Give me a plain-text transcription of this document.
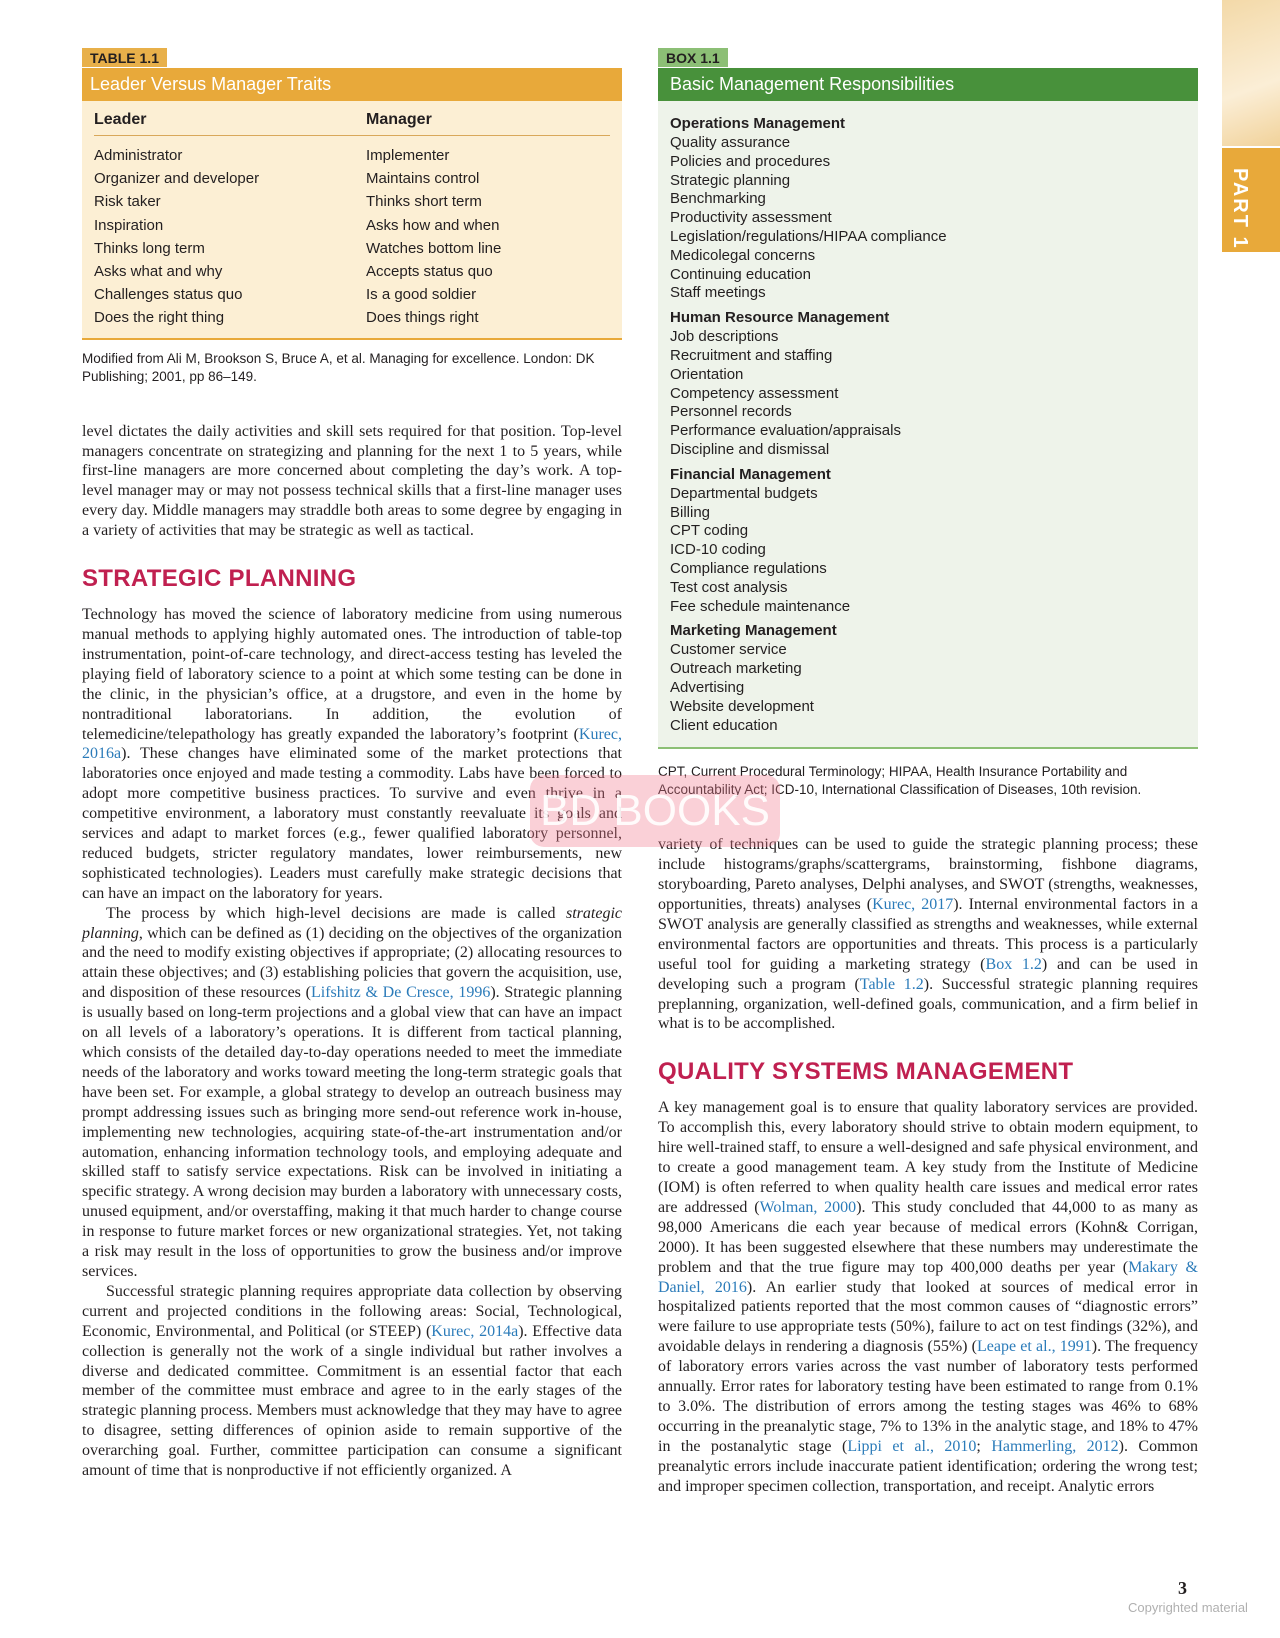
PART 1
TABLE 1.1
Leader Versus Manager Traits
Leader	Manager
Administrator	Implementer
Organizer and developer	Maintains control
Risk taker	Thinks short term
Inspiration	Asks how and when
Thinks long term	Watches bottom line
Asks what and why	Accepts status quo
Challenges status quo	Is a good soldier
Does the right thing	Does things right
Modified from Ali M, Brookson S, Bruce A, et al. Managing for excellence. London: DK Publishing; 2001, pp 86–149.

level dictates the daily activities and skill sets required for that position. Top-level managers concentrate on strategizing and planning for the next 1 to 5 years, while first-line managers are more concerned about completing the day’s work. A top-level manager may or may not possess technical skills that a first-line manager uses every day. Middle managers may straddle both areas to some degree by engaging in a variety of activities that may be strategic as well as tactical.

STRATEGIC PLANNING

Technology has moved the science of laboratory medicine from using numerous manual methods to applying highly automated ones. The introduction of table-top instrumentation, point-of-care technology, and direct-access testing has leveled the playing field of laboratory science to a point at which some testing can be done in the clinic, in the physician’s office, at a drugstore, and even in the home by nontraditional laboratorians. In addition, the evolution of telemedicine/telepathology has greatly expanded the laboratory’s footprint (Kurec, 2016a). These changes have eliminated some of the market protections that laboratories once enjoyed and made testing a commodity. Labs have been forced to adopt more competitive business practices. To survive and even thrive in a competitive environment, a laboratory must constantly reevaluate its goals and services and adapt to market forces (e.g., fewer qualified laboratory personnel, reduced budgets, stricter regulatory mandates, lower reimbursements, new sophisticated technologies). Leaders must carefully make strategic decisions that can have an impact on the laboratory for years.

The process by which high-level decisions are made is called strategic planning, which can be defined as (1) deciding on the objectives of the organization and the need to modify existing objectives if appropriate; (2) allocating resources to attain these objectives; and (3) establishing policies that govern the acquisition, use, and disposition of these resources (Lifshitz & De Cresce, 1996). Strategic planning is usually based on long-term projections and a global view that can have an impact on all levels of a laboratory’s operations. It is different from tactical planning, which consists of the detailed day-to-day operations needed to meet the immediate needs of the laboratory and works toward meeting the long-term strategic goals that have been set. For example, a global strategy to develop an outreach business may prompt addressing issues such as bringing more send-out reference work in-house, implementing new technologies, acquiring state-of-the-art instrumentation and/or automation, enhancing information technology tools, and employing adequate and skilled staff to satisfy service expectations. Risk can be involved in initiating a specific strategy. A wrong decision may burden a laboratory with unnecessary costs, unused equipment, and/or overstaffing, making it that much harder to change course in response to future market forces or new organizational strategies. Yet, not taking a risk may result in the loss of opportunities to grow the business and/or improve services.

Successful strategic planning requires appropriate data collection by observing current and projected conditions in the following areas: Social, Technological, Economic, Environmental, and Political (or STEEP) (Kurec, 2014a). Effective data collection is generally not the work of a single individual but rather involves a diverse and dedicated committee. Commitment is an essential factor that each member of the committee must embrace and agree to in the early stages of the strategic planning process. Members must acknowledge that they may have to agree to disagree, setting differences of opinion aside to remain supportive of the overarching goal. Further, committee participation can consume a significant amount of time that is nonproductive if not efficiently organized. A

BOX 1.1
Basic Management Responsibilities
Operations Management
Quality assurance
Policies and procedures
Strategic planning
Benchmarking
Productivity assessment
Legislation/regulations/HIPAA compliance
Medicolegal concerns
Continuing education
Staff meetings
Human Resource Management
Job descriptions
Recruitment and staffing
Orientation
Competency assessment
Personnel records
Performance evaluation/appraisals
Discipline and dismissal
Financial Management
Departmental budgets
Billing
CPT coding
ICD-10 coding
Compliance regulations
Test cost analysis
Fee schedule maintenance
Marketing Management
Customer service
Outreach marketing
Advertising
Website development
Client education
CPT, Current Procedural Terminology; HIPAA, Health Insurance Portability and Accountability Act; ICD-10, International Classification of Diseases, 10th revision.

variety of techniques can be used to guide the strategic planning process; these include histograms/graphs/scattergrams, brainstorming, fishbone diagrams, storyboarding, Pareto analyses, Delphi analyses, and SWOT (strengths, weaknesses, opportunities, threats) analyses (Kurec, 2017). Internal environmental factors in a SWOT analysis are generally classified as strengths and weaknesses, while external environmental factors are opportunities and threats. This process is a particularly useful tool for guiding a marketing strategy (Box 1.2) and can be used in developing such a program (Table 1.2). Successful strategic planning requires preplanning, organization, well-defined goals, communication, and a firm belief in what is to be accomplished.

QUALITY SYSTEMS MANAGEMENT

A key management goal is to ensure that quality laboratory services are provided. To accomplish this, every laboratory should strive to obtain modern equipment, to hire well-trained staff, to ensure a well-designed and safe physical environment, and to create a good management team. A key study from the Institute of Medicine (IOM) is often referred to when quality health care issues and medical error rates are addressed (Wolman, 2000). This study concluded that 44,000 to as many as 98,000 Americans die each year because of medical errors (Kohn& Corrigan, 2000). It has been suggested elsewhere that these numbers may underestimate the problem and that the true figure may top 400,000 deaths per year (Makary & Daniel, 2016). An earlier study that looked at sources of medical error in hospitalized patients reported that the most common causes of “diagnostic errors” were failure to use appropriate tests (50%), failure to act on test findings (32%), and avoidable delays in rendering a diagnosis (55%) (Leape et al., 1991). The frequency of laboratory errors varies across the vast number of laboratory tests performed annually. Error rates for laboratory testing have been estimated to range from 0.1% to 3.0%. The distribution of errors among the testing stages was 46% to 68% occurring in the preanalytic stage, 7% to 13% in the analytic stage, and 18% to 47% in the postanalytic stage (Lippi et al., 2010; Hammerling, 2012). Common preanalytic errors include inaccurate patient identification; ordering the wrong test; and improper specimen collection, transportation, and receipt. Analytic errors

BD BOOKS
3
Copyrighted material
